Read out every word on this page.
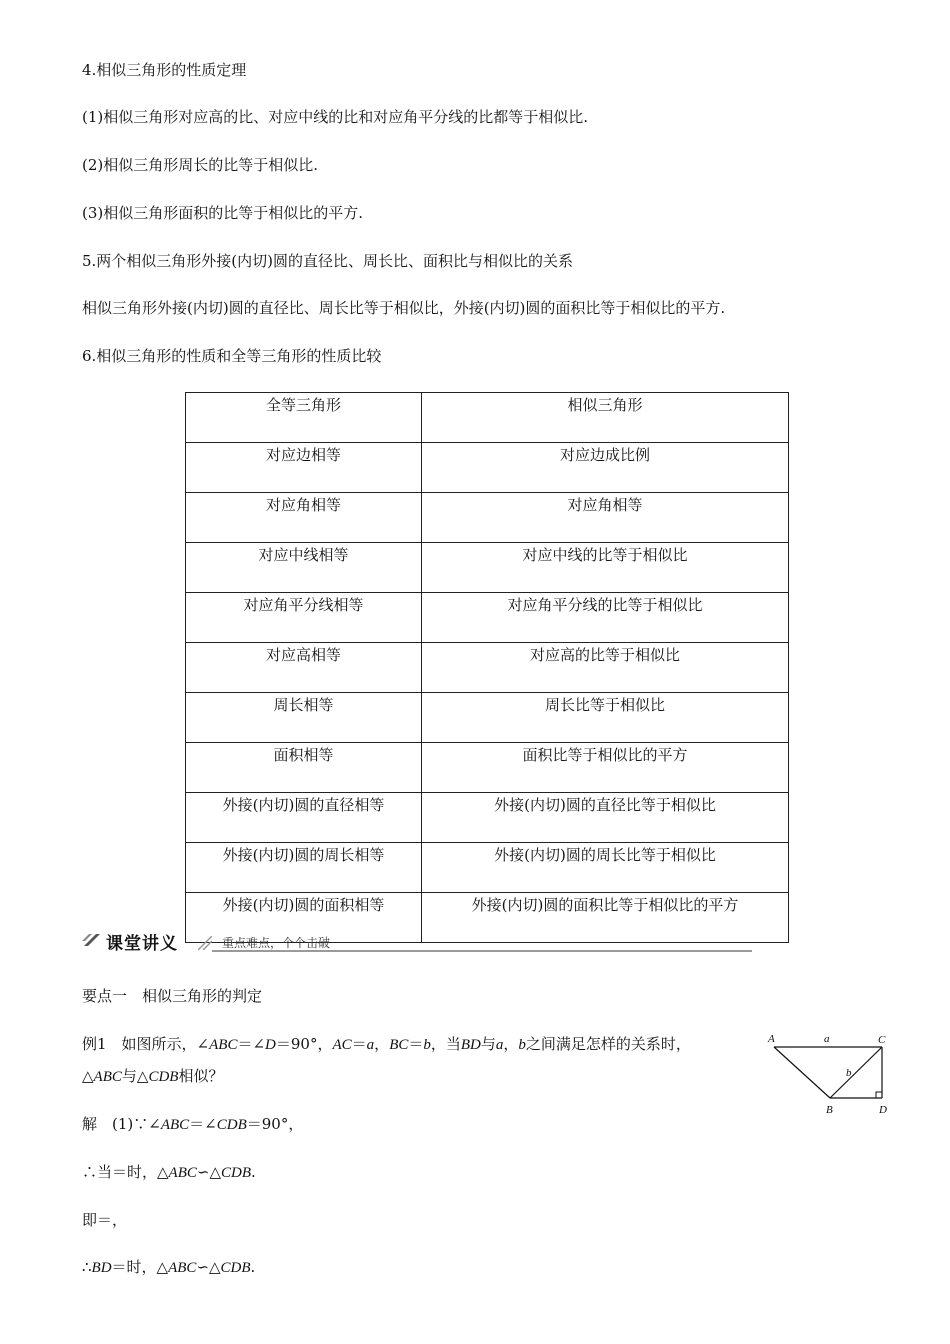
4.相似三角形的性质定理
(1)相似三角形对应高的比、对应中线的比和对应角平分线的比都等于相似比.
(2)相似三角形周长的比等于相似比.
(3)相似三角形面积的比等于相似比的平方.
5.两个相似三角形外接(内切)圆的直径比、周长比、面积比与相似比的关系
相似三角形外接(内切)圆的直径比、周长比等于相似比，外接(内切)圆的面积比等于相似比的平方.
6.相似三角形的性质和全等三角形的性质比较
全等三角形	相似三角形
对应边相等	对应边成比例
对应角相等	对应角相等
对应中线相等	对应中线的比等于相似比
对应角平分线相等	对应角平分线的比等于相似比
对应高相等	对应高的比等于相似比
周长相等	周长比等于相似比
面积相等	面积比等于相似比的平方
外接(内切)圆的直径相等	外接(内切)圆的直径比等于相似比
外接(内切)圆的周长相等	外接(内切)圆的周长比等于相似比
外接(内切)圆的面积相等	外接(内切)圆的面积比等于相似比的平方
课堂讲义	重点难点，个个击破
要点一　相似三角形的判定
例1　如图所示，∠ABC＝∠D＝90°，AC＝a，BC＝b，当BD与a，b之间满足怎样的关系时，
△ABC与△CDB相似？
解　(1)∵∠ABC＝∠CDB＝90°，
∴当＝时，△ABC∽△CDB.
即＝，
∴BD＝时，△ABC∽△CDB.
A	C
B	D
a
b
